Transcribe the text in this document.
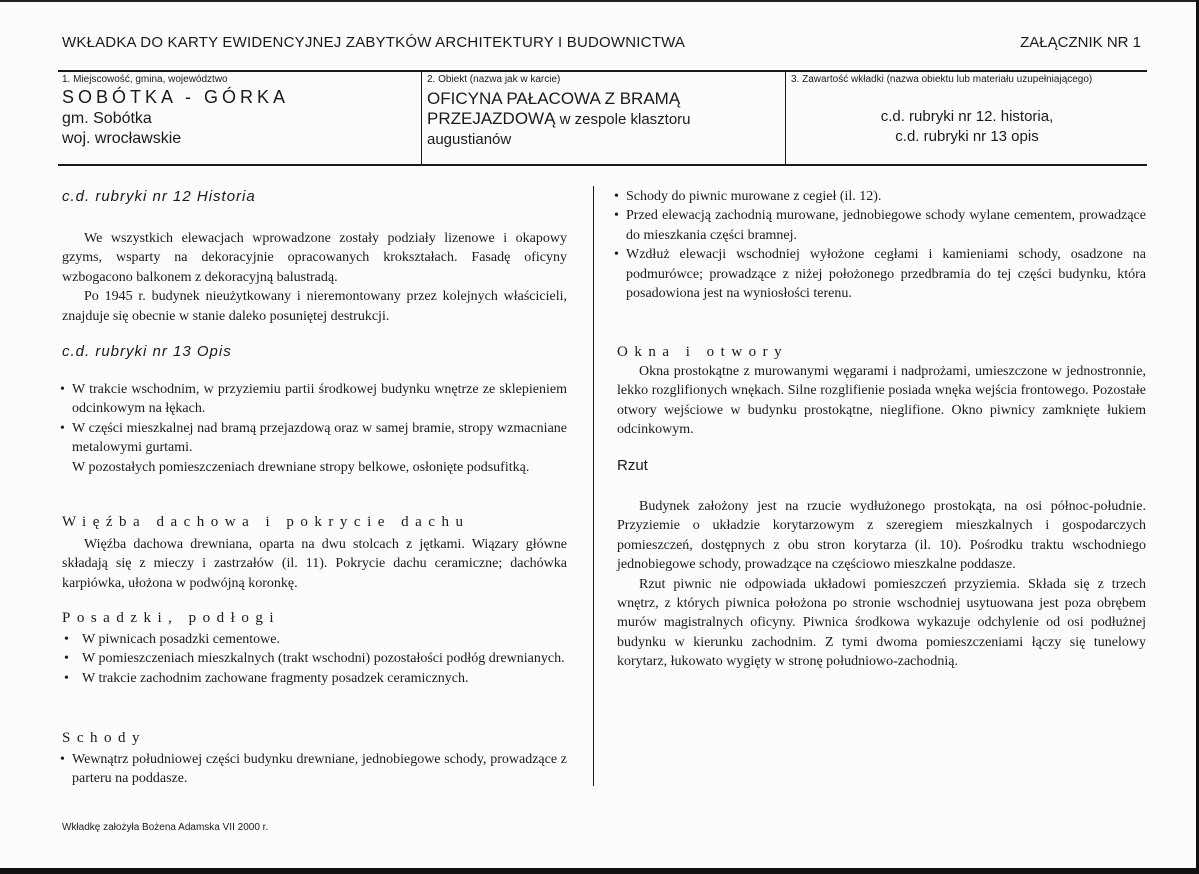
WKŁADKA DO KARTY EWIDENCYJNEJ ZABYTKÓW ARCHITEKTURY I BUDOWNICTWA	ZAŁĄCZNIK NR 1
1. Miejscowość, gmina, województwo
SOBÓTKA - GÓRKA
gm. Sobótka
woj. wrocławskie
2. Obiekt (nazwa jak w karcie)
OFICYNA PAŁACOWA Z BRAMĄ
PRZEJAZDOWĄ w zespole klasztoru
augustianów
3. Zawartość wkładki (nazwa obiektu lub materiału uzupełniającego)
c.d. rubryki nr 12. historia,
c.d. rubryki nr 13 opis
c.d. rubryki nr 12 Historia

We wszystkich elewacjach wprowadzone zostały podziały lizenowe i okapowy gzyms, wsparty na dekoracyjnie opracowanych krokształach. Fasadę oficyny wzbogacono balkonem z dekoracyjną balustradą.

Po 1945 r. budynek nieużytkowany i nieremontowany przez kolejnych właścicieli, znajduje się obecnie w stanie daleko posuniętej destrukcji.

c.d. rubryki nr 13 Opis
• W trakcie wschodnim, w przyziemiu partii środkowej budynku wnętrze ze sklepieniem odcinkowym na łękach.
• W części mieszkalnej nad bramą przejazdową oraz w samej bramie, stropy wzmacniane metalowymi gurtami.

W pozostałych pomieszczeniach drewniane stropy belkowe, osłonięte podsufitką.

Więźba dachowa i pokrycie dachu

Więźba dachowa drewniana, oparta na dwu stolcach z jętkami. Wiązary główne składają się z mieczy i zastrzałów (il. 11). Pokrycie dachu ceramiczne; dachówka karpiówka, ułożona w podwójną koronkę.

Posadzki, podłogi
• W piwnicach posadzki cementowe.
• W pomieszczeniach mieszkalnych (trakt wschodni) pozostałości podłóg drewnianych.
• W trakcie zachodnim zachowane fragmenty posadzek ceramicznych.
Schody
• Wewnątrz południowej części budynku drewniane, jednobiegowe schody, prowadzące z parteru na poddasze.
Wkładkę założyła Bożena Adamska VII 2000 r.
• Schody do piwnic murowane z cegieł (il. 12).
• Przed elewacją zachodnią murowane, jednobiegowe schody wylane cementem, prowadzące do mieszkania części bramnej.
• Wzdłuż elewacji wschodniej wyłożone cegłami i kamieniami schody, osadzone na podmurówce; prowadzące z niżej położonego przedbramia do tej części budynku, która posadowiona jest na wyniosłości terenu.
Okna i otwory

Okna prostokątne z murowanymi węgarami i nadprożami, umieszczone w jednostronnie, lekko rozglifionych wnękach. Silne rozglifienie posiada wnęka wejścia frontowego. Pozostałe otwory wejściowe w budynku prostokątne, nieglifione. Okno piwnicy zamknięte łukiem odcinkowym.

Rzut

Budynek założony jest na rzucie wydłużonego prostokąta, na osi północ-południe. Przyziemie o układzie korytarzowym z szeregiem mieszkalnych i gospodarczych pomieszczeń, dostępnych z obu stron korytarza (il. 10). Pośrodku traktu wschodniego jednobiegowe schody, prowadzące na częściowo mieszkalne poddasze.

Rzut piwnic nie odpowiada układowi pomieszczeń przyziemia. Składa się z trzech wnętrz, z których piwnica położona po stronie wschodniej usytuowana jest poza obrębem murów magistralnych oficyny. Piwnica środkowa wykazuje odchylenie od osi podłużnej budynku w kierunku zachodnim. Z tymi dwoma pomieszczeniami łączy się tunelowy korytarz, łukowato wygięty w stronę południowo-zachodnią.
